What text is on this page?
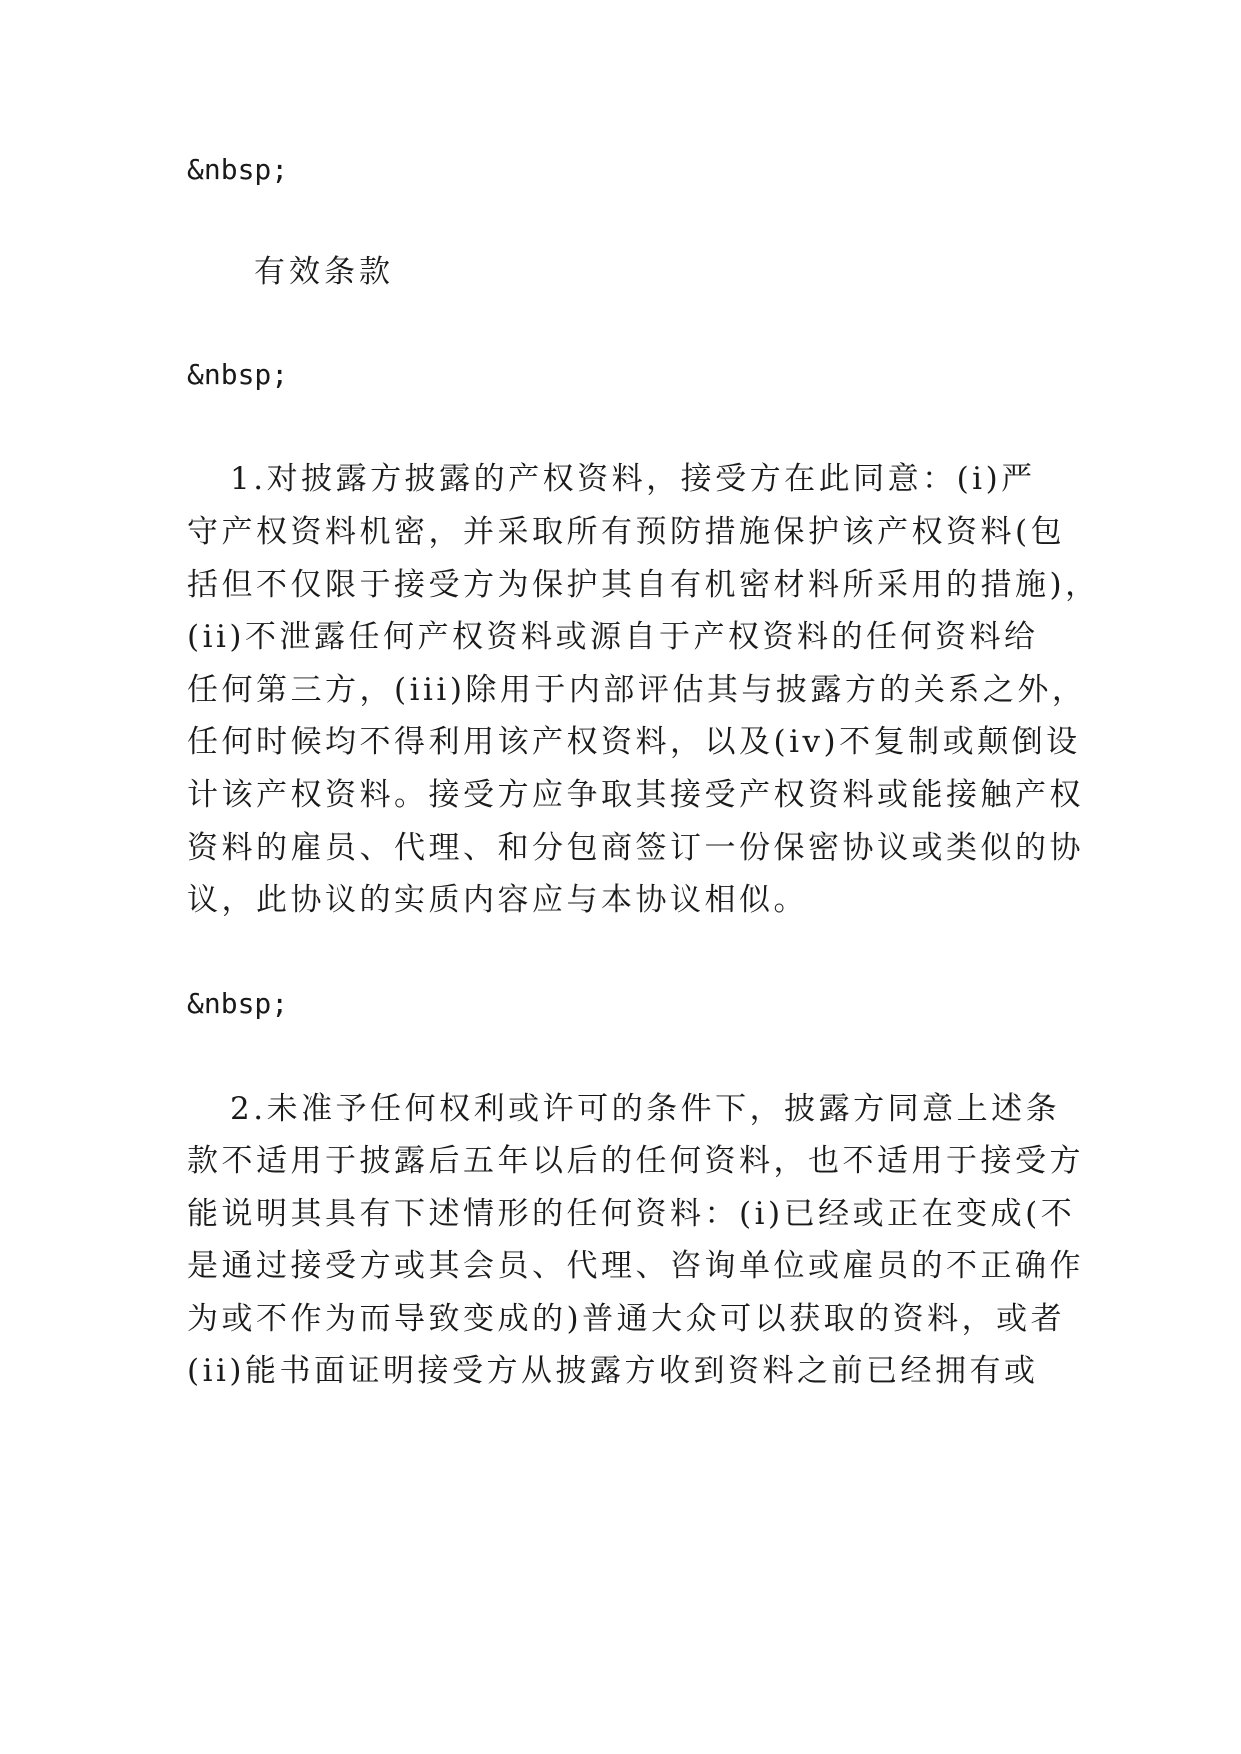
&nbsp;
有效条款
&nbsp;
1.对披露方披露的产权资料，接受方在此同意：(i)严
守产权资料机密，并采取所有预防措施保护该产权资料(包
括但不仅限于接受方为保护其自有机密材料所采用的措施)，
(ii)不泄露任何产权资料或源自于产权资料的任何资料给
任何第三方，(iii)除用于内部评估其与披露方的关系之外，
任何时候均不得利用该产权资料，以及(iv)不复制或颠倒设
计该产权资料。接受方应争取其接受产权资料或能接触产权
资料的雇员、代理、和分包商签订一份保密协议或类似的协
议，此协议的实质内容应与本协议相似。
&nbsp;
2.未准予任何权利或许可的条件下，披露方同意上述条
款不适用于披露后五年以后的任何资料，也不适用于接受方
能说明其具有下述情形的任何资料：(i)已经或正在变成(不
是通过接受方或其会员、代理、咨询单位或雇员的不正确作
为或不作为而导致变成的)普通大众可以获取的资料，或者
(ii)能书面证明接受方从披露方收到资料之前已经拥有或
